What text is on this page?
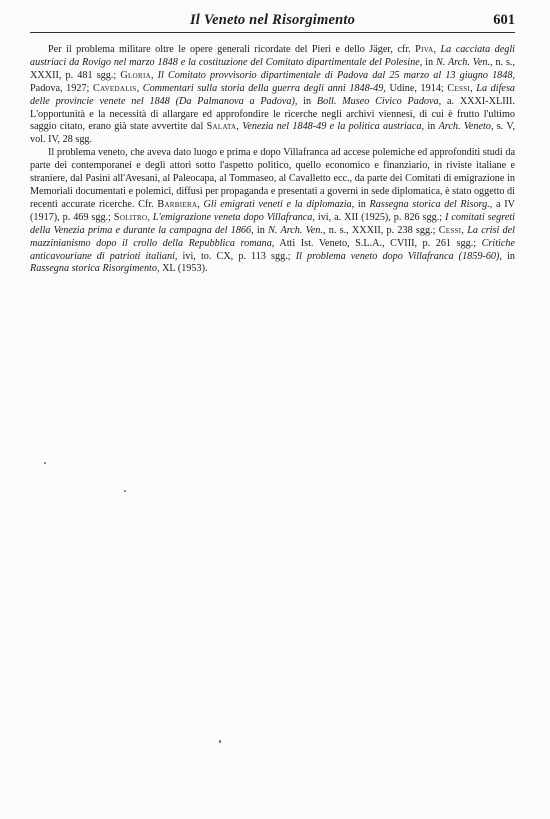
Il Veneto nel Risorgimento	601

Per il problema militare oltre le opere generali ricordate del Pieri e dello Jäger, cfr. Piva, La cacciata degli austriaci da Rovigo nel marzo 1848 e la costituzione del Comitato dipartimentale del Polesine, in N. Arch. Ven., n. s., XXXII, p. 481 sgg.; Gloria, Il Comitato provvisorio dipartimentale di Padova dal 25 marzo al 13 giugno 1848, Padova, 1927; Cavedalis, Commentari sulla storia della guerra degli anni 1848-49, Udine, 1914; Cessi, La difesa delle provincie venete nel 1848 (Da Palmanova a Padova), in Boll. Museo Civico Padova, a. XXXI-XLIII. L'opportunità e la necessità di allargare ed approfondire le ricerche negli archivi viennesi, di cui è frutto l'ultimo saggio citato, erano già state avvertite dal Salata, Venezia nel 1848-49 e la politica austriaca, in Arch. Veneto, s. V, vol. IV, 28 sgg.

Il problema veneto, che aveva dato luogo e prima e dopo Villafranca ad accese polemiche ed approfonditi studi da parte dei contemporanei e degli attori sotto l'aspetto politico, quello economico e finanziario, in riviste italiane e straniere, dal Pasini all'Avesani, al Paleocapa, al Tommaseo, al Cavalletto ecc., da parte dei Comitati di emigrazione in Memoriali documentati e polemici, diffusi per propaganda e presentati a governi in sede diplomatica, è stato oggetto di recenti accurate ricerche. Cfr. Barbiera, Gli emigrati veneti e la diplomazia, in Rassegna storica del Risorg., a IV (1917), p. 469 sgg.; Solitro, L'emigrazione veneta dopo Villafranca, ivi, a. XII (1925), p. 826 sgg.; I comitati segreti della Venezia prima e durante la campagna del 1866, in N. Arch. Ven., n. s., XXXII, p. 238 sgg.; Cessi, La crisi del mazzinianismo dopo il crollo della Repubblica romana, Atti Ist. Veneto, S.L.A., CVIII, p. 261 sgg.; Critiche anticavouriane di patrioti italiani, ivi, to. CX, p. 113 sgg.; Il problema veneto dopo Villafranca (1859-60), in Rassegna storica Risorgimento, XL (1953).
